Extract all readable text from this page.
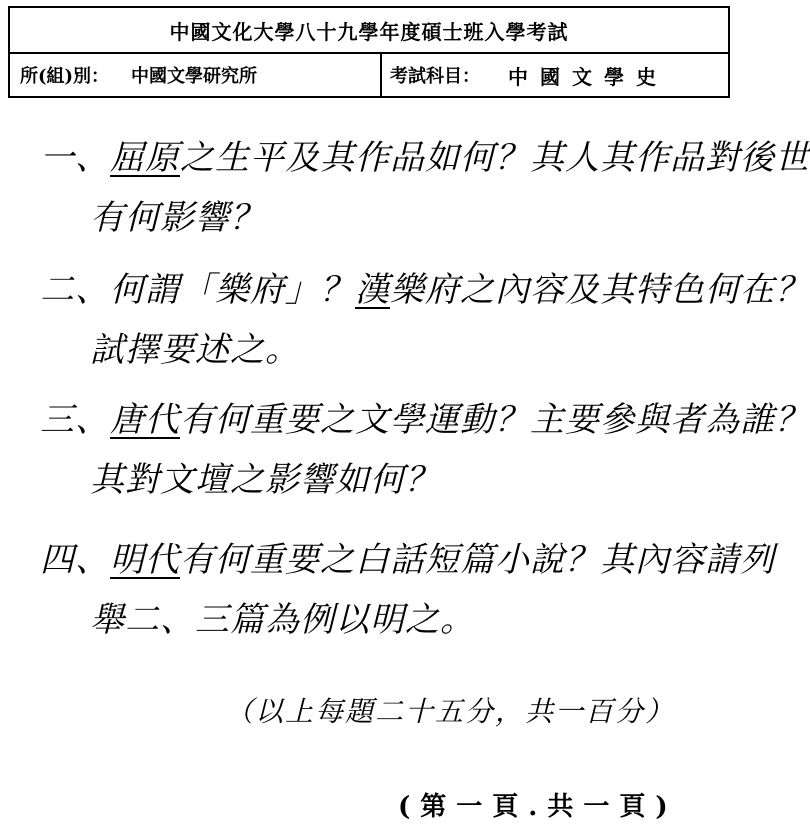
中國文化大學八十九學年度碩士班入學考試
所(組)別： 中國文學研究所	考試科目： 中國文學史
一、屈原之生平及其作品如何？其人其作品對後世
有何影響？
二、何謂「樂府」？漢樂府之內容及其特色何在？
試擇要述之。
三、唐代有何重要之文學運動？主要參與者為誰？
其對文壇之影響如何？
四、明代有何重要之白話短篇小說？其內容請列
舉二、三篇為例以明之。
（以上每題二十五分，共一百分）
(第一頁.共一頁)
